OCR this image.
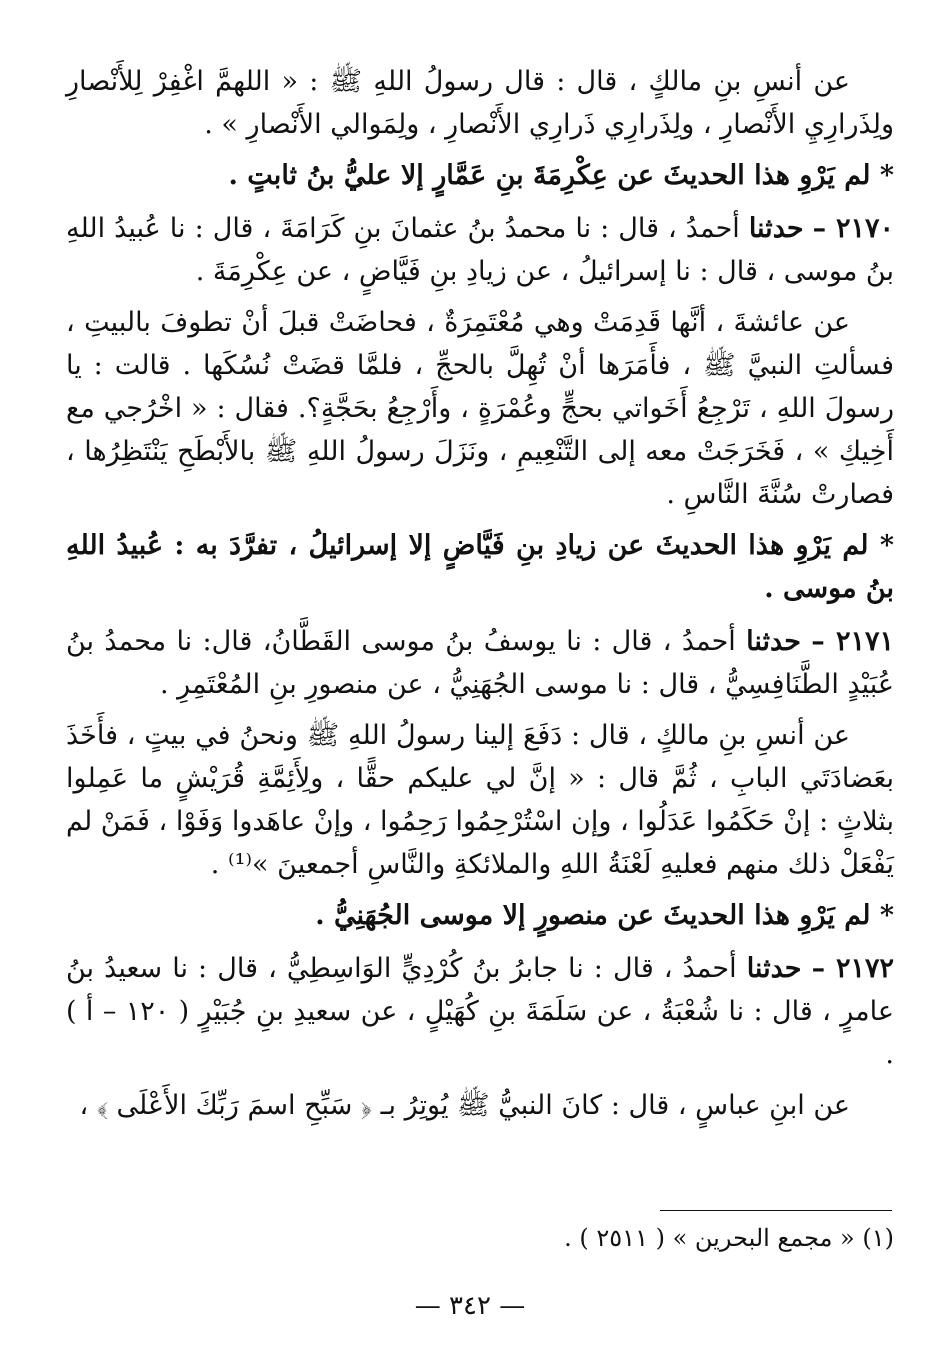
عن أنسِ بنِ مالكٍ ، قال : قال رسولُ اللهِ ﷺ : « اللهمَّ اغْفِرْ لِلأَنْصارِ ولِذَرارِيِ الأَنْصارِ ، ولِذَرارِي ذَرارِي الأَنْصارِ ، ولِمَوالي الأَنْصارِ » .

* لم يَرْوِ هذا الحديثَ عن عِكْرِمَةَ بنِ عَمَّارٍ إلا عليُّ بنُ ثابتٍ .

٢١٧٠ – حدثنا أحمدُ ، قال : نا محمدُ بنُ عثمانَ بنِ كَرَامَةَ ، قال : نا عُبيدُ اللهِ بنُ موسى ، قال : نا إسرائيلُ ، عن زيادِ بنِ فَيَّاضٍ ، عن عِكْرِمَةَ .

عن عائشةَ ، أنَّها قَدِمَتْ وهي مُعْتَمِرَةٌ ، فحاضَتْ قبلَ أنْ تطوفَ بالبيتِ ، فسألتِ النبيَّ ﷺ ، فأَمَرَها أنْ تُهِلَّ بالحجِّ ، فلمَّا قضَتْ نُسُكَها . قالت : يا رسولَ اللهِ ، تَرْجِعُ أَخَواتي بحجٍّ وعُمْرَةٍ ، وأَرْجِعُ بحَجَّةٍ؟. فقال : « اخْرُجي مع أَخِيكِ » ، فَخَرَجَتْ معه إلى التَّنْعِيمِ ، ونَزَلَ رسولُ اللهِ ﷺ بالأَبْطَحِ يَنْتَظِرُها ، فصارتْ سُنَّةَ النَّاسِ .

* لم يَرْوِ هذا الحديثَ عن زيادِ بنِ فَيَّاضٍ إلا إسرائيلُ ، تفرَّدَ به : عُبيدُ اللهِ بنُ موسى .

٢١٧١ – حدثنا أحمدُ ، قال : نا يوسفُ بنُ موسى القَطَّانُ، قال: نا محمدُ بنُ عُبَيْدٍ الطَّنَافِسِيُّ ، قال : نا موسى الجُهَنِيُّ ، عن منصورِ بنِ المُعْتَمِرِ .

عن أنسِ بنِ مالكٍ ، قال : دَفَعَ إلينا رسولُ اللهِ ﷺ ونحنُ في بيتٍ ، فأَخَذَ بعَضادَتَي البابِ ، ثُمَّ قال : « إنَّ لي عليكم حقًّا ، ولِأَئِمَّةِ قُرَيْشٍ ما عَمِلوا بثلاثٍ : إنْ حَكَمُوا عَدَلُوا ، وإن اسْتُرْحِمُوا رَحِمُوا ، وإنْ عاهَدوا وَفَوْا ، فَمَنْ لم يَفْعَلْ ذلك منهم فعليهِ لَعْنَةُ اللهِ والملائكةِ والنَّاسِ أجمعينَ »⁽¹⁾ .

* لم يَرْوِ هذا الحديثَ عن منصورٍ إلا موسى الجُهَنِيُّ .

٢١٧٢ – حدثنا أحمدُ ، قال : نا جابرُ بنُ كُرْدِيٍّ الوَاسِطِيُّ ، قال : نا سعيدُ بنُ عامرٍ ، قال : نا شُعْبَةُ ، عن سَلَمَةَ بنِ كُهَيْلٍ ، عن سعيدِ بنِ جُبَيْرٍ ( ١٢٠ – أ ) .

عن ابنِ عباسٍ ، قال : كانَ النبيُّ ﷺ يُوتِرُ بـ ﴿ سَبِّحِ اسمَ رَبِّكَ الأَعْلَى ﴾ ،

(١) « مجمع البحرين » ( ٢٥١١ ) .
— ٣٤٢ —
